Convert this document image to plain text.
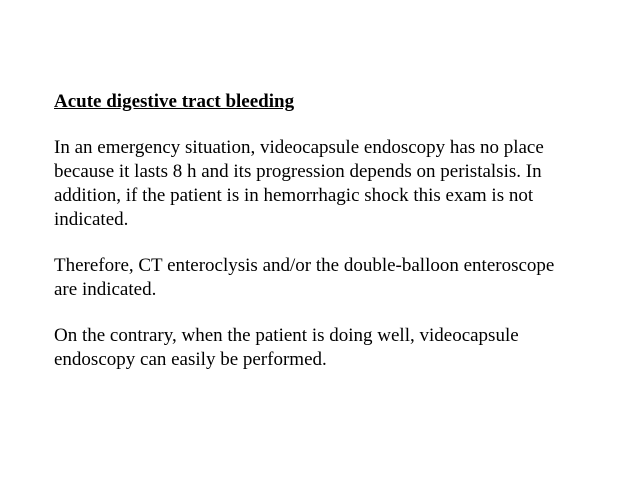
Acute digestive tract bleeding
In an emergency situation, videocapsule endoscopy has no place
because it lasts 8 h and its progression depends on peristalsis. In
addition, if the patient is in hemorrhagic shock this exam is not
indicated.
Therefore, CT enteroclysis and/or the double-balloon enteroscope
are indicated.
On the contrary, when the patient is doing well, videocapsule
endoscopy can easily be performed.
